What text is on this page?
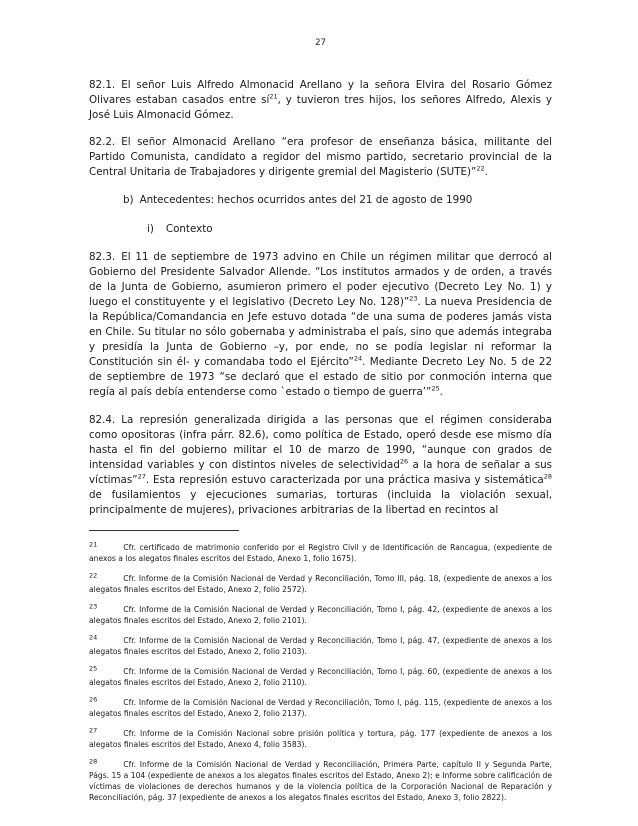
27

82.1. El señor Luis Alfredo Almonacid Arellano y la señora Elvira del Rosario Gómez Olivares estaban casados entre $sí^{21}$, y tuvieron tres hijos, los señores Alfredo, Alexis y José Luis Almonacid Gómez.

82.2. El señor Almonacid Arellano “era profesor de enseñanza básica, militante del Partido Comunista, candidato a regidor del mismo partido, secretario provincial de la Central Unitaria de Trabajadores y dirigente gremial del Magisterio (SUTE)”$^{22}$.

b) Antecedentes: hechos ocurridos antes del 21 de agosto de 1990
i) Contexto

82.3. El 11 de septiembre de 1973 advino en Chile un régimen militar que derrocó al Gobierno del Presidente Salvador Allende. “Los institutos armados y de orden, a través de la Junta de Gobierno, asumieron primero el poder ejecutivo (Decreto Ley No. 1) y luego el constituyente y el legislativo (Decreto Ley No. 128)”$^{23}$. La nueva Presidencia de la República/Comandancia en Jefe estuvo dotada “de una suma de poderes jamás vista en Chile. Su titular no sólo gobernaba y administraba el país, sino que además integraba y presidía la Junta de Gobierno –y, por ende, no se podía legislar ni reformar la Constitución sin él- y comandaba todo el Ejército”$^{24}$. Mediante Decreto Ley No. 5 de 22 de septiembre de 1973 “se declaró que el estado de sitio por conmoción interna que regía al país debía entenderse como `estado o tiempo de guerra’”$^{25}$.

82.4. La represión generalizada dirigida a las personas que el régimen consideraba como opositoras (infra párr. 82.6), como política de Estado, operó desde ese mismo día hasta el fin del gobierno militar el 10 de marzo de 1990, “aunque con grados de intensidad variables y con distintos niveles de selectividad$^{26}$ a la hora de señalar a sus víctimas”$^{27}$. Esta represión estuvo caracterizada por una práctica masiva y sistemática$^{28}$ de fusilamientos y ejecuciones sumarias, torturas (incluida la violación sexual, principalmente de mujeres), privaciones arbitrarias de la libertad en recintos al

21	Cfr. certificado de matrimonio conferido por el Registro Civil y de Identificación de Rancagua, (expediente de anexos a los alegatos finales escritos del Estado, Anexo 1, folio 1675).

22	Cfr. Informe de la Comisión Nacional de Verdad y Reconciliación, Tomo III, pág. 18, (expediente de anexos a los alegatos finales escritos del Estado, Anexo 2, folio 2572).

23	Cfr. Informe de la Comisión Nacional de Verdad y Reconciliación, Tomo I, pág. 42, (expediente de anexos a los alegatos finales escritos del Estado, Anexo 2, folio 2101).

24	Cfr. Informe de la Comisión Nacional de Verdad y Reconciliación, Tomo I, pág. 47, (expediente de anexos a los alegatos finales escritos del Estado, Anexo 2, folio 2103).

25	Cfr. Informe de la Comisión Nacional de Verdad y Reconciliación, Tomo I, pág. 60, (expediente de anexos a los alegatos finales escritos del Estado, Anexo 2, folio 2110).

26	Cfr. Informe de la Comisión Nacional de Verdad y Reconciliación, Tomo I, pág. 115, (expediente de anexos a los alegatos finales escritos del Estado, Anexo 2, folio 2137).

27	Cfr. Informe de la Comisión Nacional sobre prisión política y tortura, pág. 177 (expediente de anexos a los alegatos finales escritos del Estado, Anexo 4, folio 3583).

28	Cfr. Informe de la Comisión Nacional de Verdad y Reconciliación, Primera Parte, capítulo II y Segunda Parte, Págs. 15 a 104 (expediente de anexos a los alegatos finales escritos del Estado, Anexo 2); e Informe sobre calificación de víctimas de violaciones de derechos humanos y de la violencia política de la Corporación Nacional de Reparación y Reconciliación, pág. 37 (expediente de anexos a los alegatos finales escritos del Estado, Anexo 3, folio 2822).
